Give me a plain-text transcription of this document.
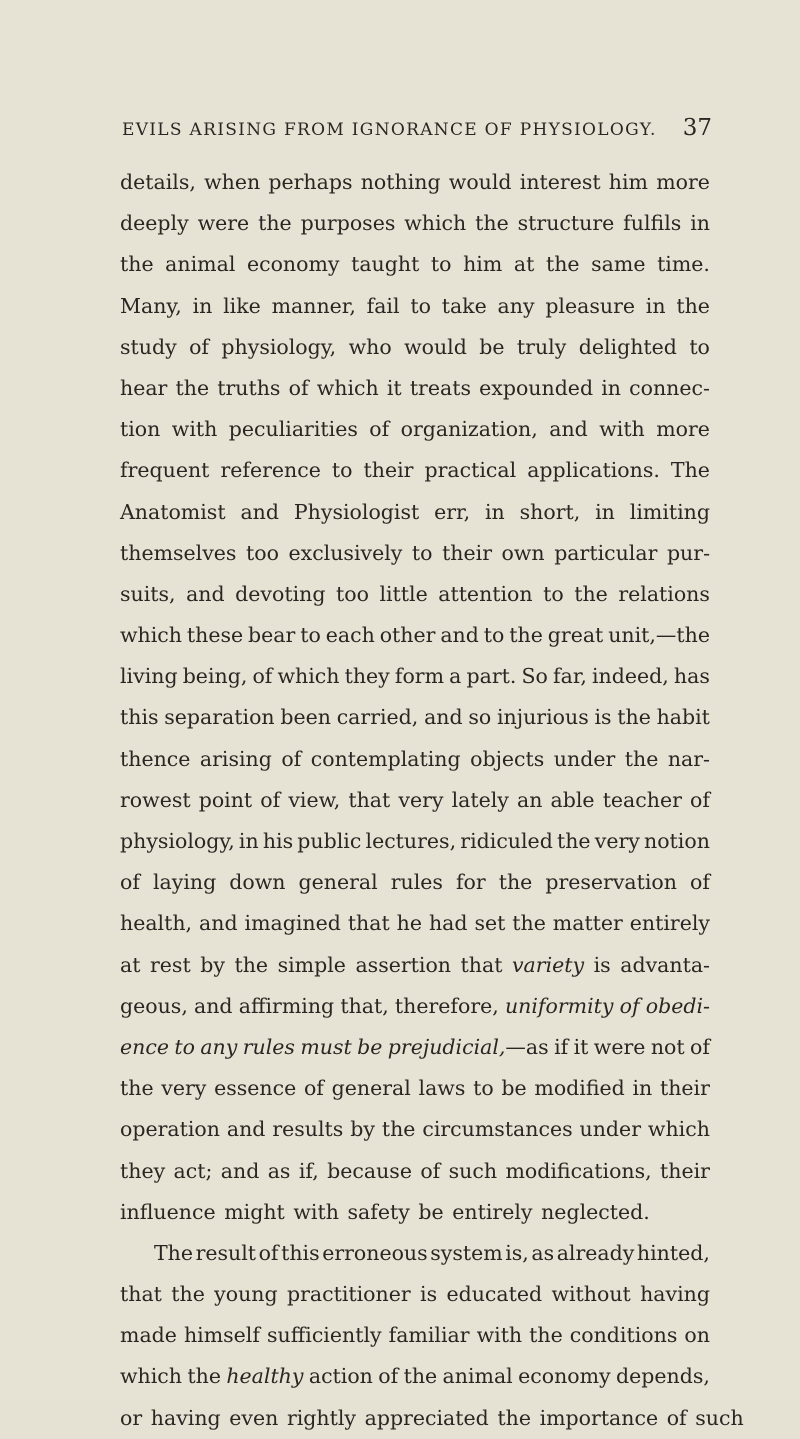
EVILS ARISING FROM IGNORANCE OF PHYSIOLOGY. 37
details, when perhaps nothing would interest him more
deeply were the purposes which the structure fulfils in
the animal economy taught to him at the same time.
Many, in like manner, fail to take any pleasure in the
study of physiology, who would be truly delighted to
hear the truths of which it treats expounded in connec-
tion with peculiarities of organization, and with more
frequent reference to their practical applications. The
Anatomist and Physiologist err, in short, in limiting
themselves too exclusively to their own particular pur-
suits, and devoting too little attention to the relations
which these bear to each other and to the great unit,—the
living being, of which they form a part. So far, indeed, has
this separation been carried, and so injurious is the habit
thence arising of contemplating objects under the nar-
rowest point of view, that very lately an able teacher of
physiology, in his public lectures, ridiculed the very notion
of laying down general rules for the preservation of
health, and imagined that he had set the matter entirely
at rest by the simple assertion that variety is advanta-
geous, and affirming that, therefore, uniformity of obedi-
ence to any rules must be prejudicial,—as if it were not of
the very essence of general laws to be modified in their
operation and results by the circumstances under which
they act; and as if, because of such modifications, their
influence might with safety be entirely neglected.
The result of this erroneous system is, as already hinted,
that the young practitioner is educated without having
made himself sufficiently familiar with the conditions on
which the healthy action of the animal economy depends,
or having even rightly appreciated the importance of such
